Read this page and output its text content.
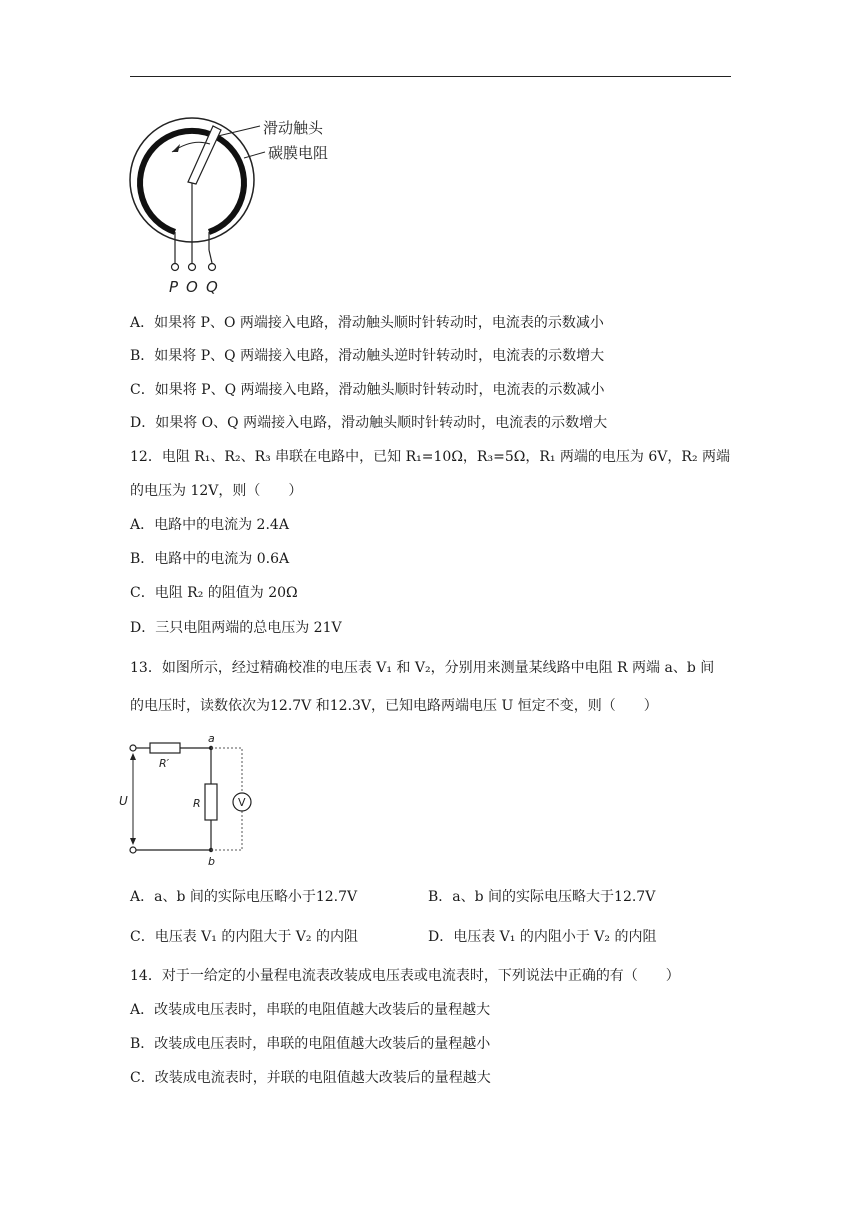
滑动触头
碳膜电阻
P O Q
A．如果将 P、O 两端接入电路，滑动触头顺时针转动时，电流表的示数减小
B．如果将 P、Q 两端接入电路，滑动触头逆时针转动时，电流表的示数增大
C．如果将 P、Q 两端接入电路，滑动触头顺时针转动时，电流表的示数减小
D．如果将 O、Q 两端接入电路，滑动触头顺时针转动时，电流表的示数增大
12．电阻 R₁、R₂、R₃ 串联在电路中，已知 R₁=10Ω，R₃=5Ω，R₁ 两端的电压为 6V，R₂ 两端
的电压为 12V，则（　　）
A．电路中的电流为 2.4A
B．电路中的电流为 0.6A
C．电阻 R₂ 的阻值为 20Ω
D．三只电阻两端的总电压为 21V
13．如图所示，经过精确校准的电压表 V₁ 和 V₂，分别用来测量某线路中电阻 R 两端 a、b 间
的电压时，读数依次为12.7V 和12.3V，已知电路两端电压 U 恒定不变，则（　　）
a
b
R′
R
U	V
A．a、b 间的实际电压略小于12.7V	B．a、b 间的实际电压略大于12.7V
C．电压表 V₁ 的内阻大于 V₂ 的内阻	D．电压表 V₁ 的内阻小于 V₂ 的内阻
14．对于一给定的小量程电流表改装成电压表或电流表时，下列说法中正确的有（　　）
A．改装成电压表时，串联的电阻值越大改装后的量程越大
B．改装成电压表时，串联的电阻值越大改装后的量程越小
C．改装成电流表时，并联的电阻值越大改装后的量程越大
